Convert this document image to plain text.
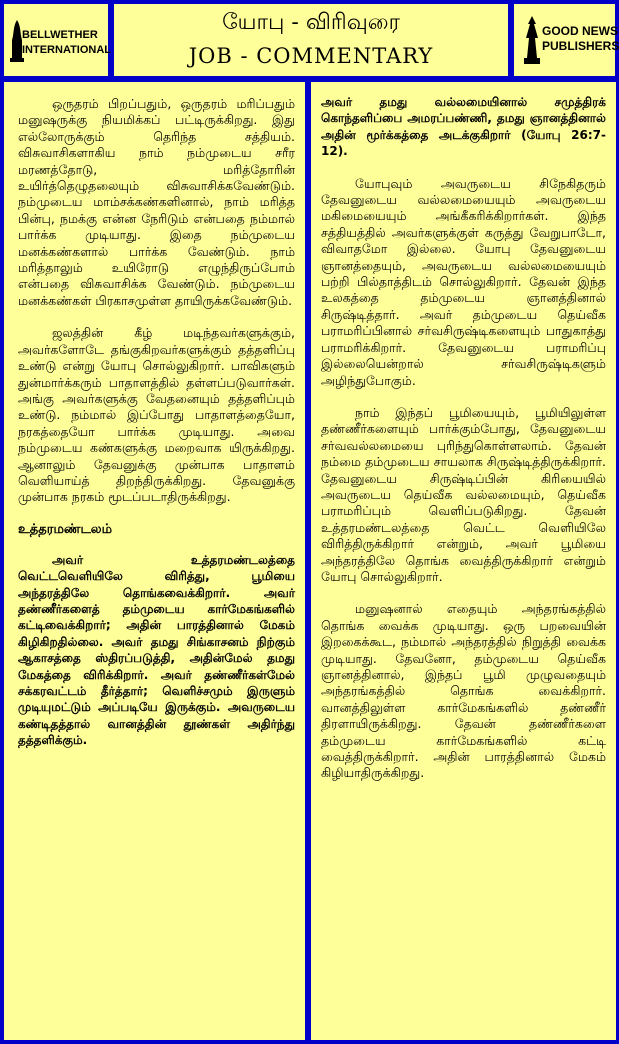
BELLWETHER
INTERNATIONAL
யோபு - விரிவுரை
JOB - COMMENTARY
GOOD NEWS
PUBLISHERS

ஒருதரம் பிறப்பதும், ஒருதரம் மரிப்பதும் மனுஷருக்கு நியமிக்கப் பட்டிருக்கிறது. இது எல்லோருக்கும் தெரிந்த சத்தியம். விசுவாசிகளாகிய நாம் நம்முடைய சரீர மரணத்தோடு, மரித்தோரின் உயிர்த்தெழுதலையும் விசுவாசிக்கவேண்டும். நம்முடைய மாம்சக்கண்களினால், நாம் மரித்த பின்பு, நமக்கு என்ன நேரிடும் என்பதை நம்மால் பார்க்க முடியாது. இதை நம்முடைய மனக்கண்களால் பார்க்க வேண்டும். நாம் மரித்தாலும் உயிரோடு எழுந்திருப்போம் என்பதை விசுவாசிக்க வேண்டும். நம்முடைய மனக்கண்கள் பிரகாசமுள்ள தாயிருக்கவேண்டும்.

ஜலத்தின் கீழ் மடிந்தவர்களுக்கும், அவர்களோடே தங்குகிறவர்களுக்கும் தத்தளிப்பு உண்டு என்று யோபு சொல்லுகிறார். பாவிகளும் துன்மார்க்கரும் பாதாளத்தில் தள்ளப்படுவார்கள். அங்கு அவர்களுக்கு வேதனையும் தத்தளிப்பும் உண்டு. நம்மால் இப்போது பாதாளத்தையோ, நரகத்தையோ பார்க்க முடியாது. அவை நம்முடைய கண்களுக்கு மறைவாக யிருக்கிறது. ஆனாலும் தேவனுக்கு முன்பாக பாதாளம் வெளியாய்த் திறந்திருக்கிறது. தேவனுக்கு முன்பாக நரகம் மூடப்படாதிருக்கிறது.

உத்தரமண்டலம்

அவர் உத்தரமண்டலத்தை வெட்டவெளியிலே விரித்து, பூமியை அந்தரத்திலே தொங்கவைக்கிறார். அவர் தண்ணீர்களைத் தம்முடைய கார்மேகங்களில் கட்டிவைக்கிறார்; அதின் பாரத்தினால் மேகம் கிழிகிறதில்லை. அவர் தமது சிங்காசனம் நிற்கும் ஆகாசத்தை ஸ்திரப்படுத்தி, அதின்மேல் தமது மேகத்தை விரிக்கிறார். அவர் தண்ணீர்கள்மேல் சக்கரவட்டம் தீர்த்தார்; வெளிச்சமும் இருளும் முடியுமட்டும் அப்படியே இருக்கும். அவருடைய கண்டிதத்தால் வானத்தின் தூண்கள் அதிர்ந்து தத்தளிக்கும்.

அவர் தமது வல்லமையினால் சமுத்திரக் கொந்தளிப்பை அமரப்பண்ணி, தமது ஞானத்தினால் அதின் மூர்க்கத்தை அடக்குகிறார் (யோபு 26:7-12).

யோபுவும் அவருடைய சிநேகிதரும் தேவனுடைய வல்லமையையும் அவருடைய மகிமையையும் அங்கீகரிக்கிறார்கள். இந்த சத்தியத்தில் அவர்களுக்குள் கருத்து வேறுபாடோ, விவாதமோ இல்லை. யோபு தேவனுடைய ஞானத்தையும், அவருடைய வல்லமையையும் பற்றி பில்தாத்திடம் சொல்லுகிறார். தேவன் இந்த உலகத்தை தம்முடைய ஞானத்தினால் சிருஷ்டித்தார். அவர் தம்முடைய தெய்வீக பராமரிப்பினால் சர்வசிருஷ்டிகளையும் பாதுகாத்து பராமரிக்கிறார். தேவனுடைய பராமரிப்பு இல்லையென்றால் சர்வசிருஷ்டிகளும் அழிந்துபோகும்.

நாம் இந்தப் பூமியையும், பூமியிலுள்ள தண்ணீர்களையும் பார்க்கும்போது, தேவனுடைய சர்வவல்லமையை புரிந்துகொள்ளலாம். தேவன் நம்மை தம்முடைய சாயலாக சிருஷ்டித்திருக்கிறார். தேவனுடைய சிருஷ்டிப்பின் கிரியையில் அவருடைய தெய்வீக வல்லமையும், தெய்வீக பராமரிப்பும் வெளிப்படுகிறது. தேவன் உத்தரமண்டலத்தை வெட்ட வெளியிலே விரித்திருக்கிறார் என்றும், அவர் பூமியை அந்தரத்திலே தொங்க வைத்திருக்கிறார் என்றும் யோபு சொல்லுகிறார்.

மனுஷனால் எதையும் அந்தரங்கத்தில் தொங்க வைக்க முடியாது. ஒரு பறவையின் இறகைக்கூட, நம்மால் அந்தரத்தில் நிறுத்தி வைக்க முடியாது. தேவனோ, தம்முடைய தெய்வீக ஞானத்தினால், இந்தப் பூமி முழுவதையும் அந்தரங்கத்தில் தொங்க வைக்கிறார். வானத்திலுள்ள கார்மேகங்களில் தண்ணீர் திரளாயிருக்கிறது. தேவன் தண்ணீர்களை தம்முடைய கார்மேகங்களில் கட்டி வைத்திருக்கிறார். அதின் பாரத்தினால் மேகம் கிழியாதிருக்கிறது.
